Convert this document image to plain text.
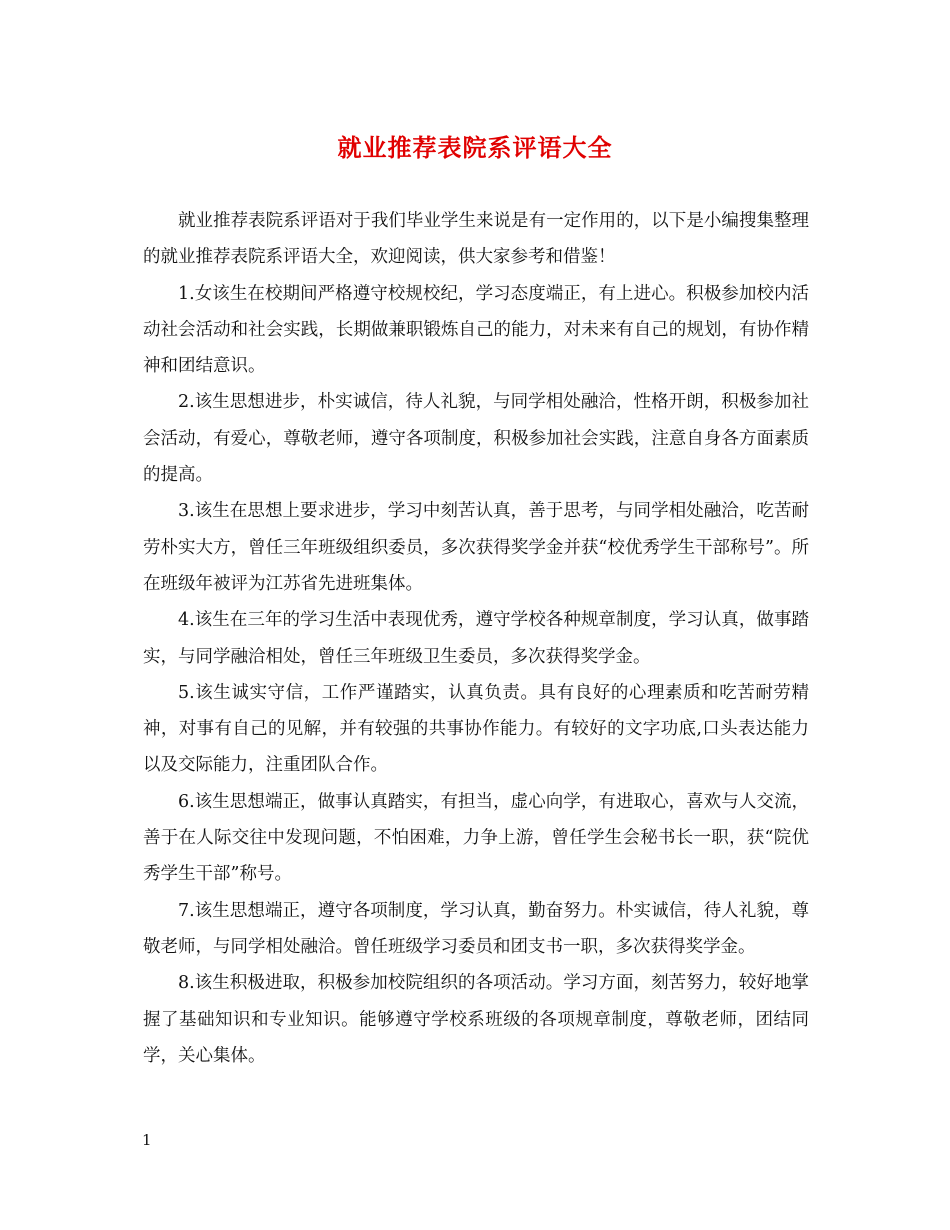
就业推荐表院系评语大全

就业推荐表院系评语对于我们毕业学生来说是有一定作用的，以下是小编搜集整理的就业推荐表院系评语大全，欢迎阅读，供大家参考和借鉴！

1.女该生在校期间严格遵守校规校纪，学习态度端正，有上进心。积极参加校内活动社会活动和社会实践，长期做兼职锻炼自己的能力，对未来有自己的规划，有协作精神和团结意识。

2.该生思想进步，朴实诚信，待人礼貌，与同学相处融洽，性格开朗，积极参加社会活动，有爱心，尊敬老师，遵守各项制度，积极参加社会实践，注意自身各方面素质的提高。

3.该生在思想上要求进步，学习中刻苦认真，善于思考，与同学相处融洽，吃苦耐劳朴实大方，曾任三年班级组织委员，多次获得奖学金并获“校优秀学生干部称号”。所在班级年被评为江苏省先进班集体。

4.该生在三年的学习生活中表现优秀，遵守学校各种规章制度，学习认真，做事踏实，与同学融洽相处，曾任三年班级卫生委员，多次获得奖学金。

5.该生诚实守信，工作严谨踏实，认真负责。具有良好的心理素质和吃苦耐劳精神，对事有自己的见解，并有较强的共事协作能力。有较好的文字功底,口头表达能力以及交际能力，注重团队合作。

6.该生思想端正，做事认真踏实，有担当，虚心向学，有进取心，喜欢与人交流，善于在人际交往中发现问题，不怕困难，力争上游，曾任学生会秘书长一职，获“院优秀学生干部”称号。

7.该生思想端正，遵守各项制度，学习认真，勤奋努力。朴实诚信，待人礼貌，尊敬老师，与同学相处融洽。曾任班级学习委员和团支书一职，多次获得奖学金。

8.该生积极进取，积极参加校院组织的各项活动。学习方面，刻苦努力，较好地掌握了基础知识和专业知识。能够遵守学校系班级的各项规章制度，尊敬老师，团结同学，关心集体。

1
